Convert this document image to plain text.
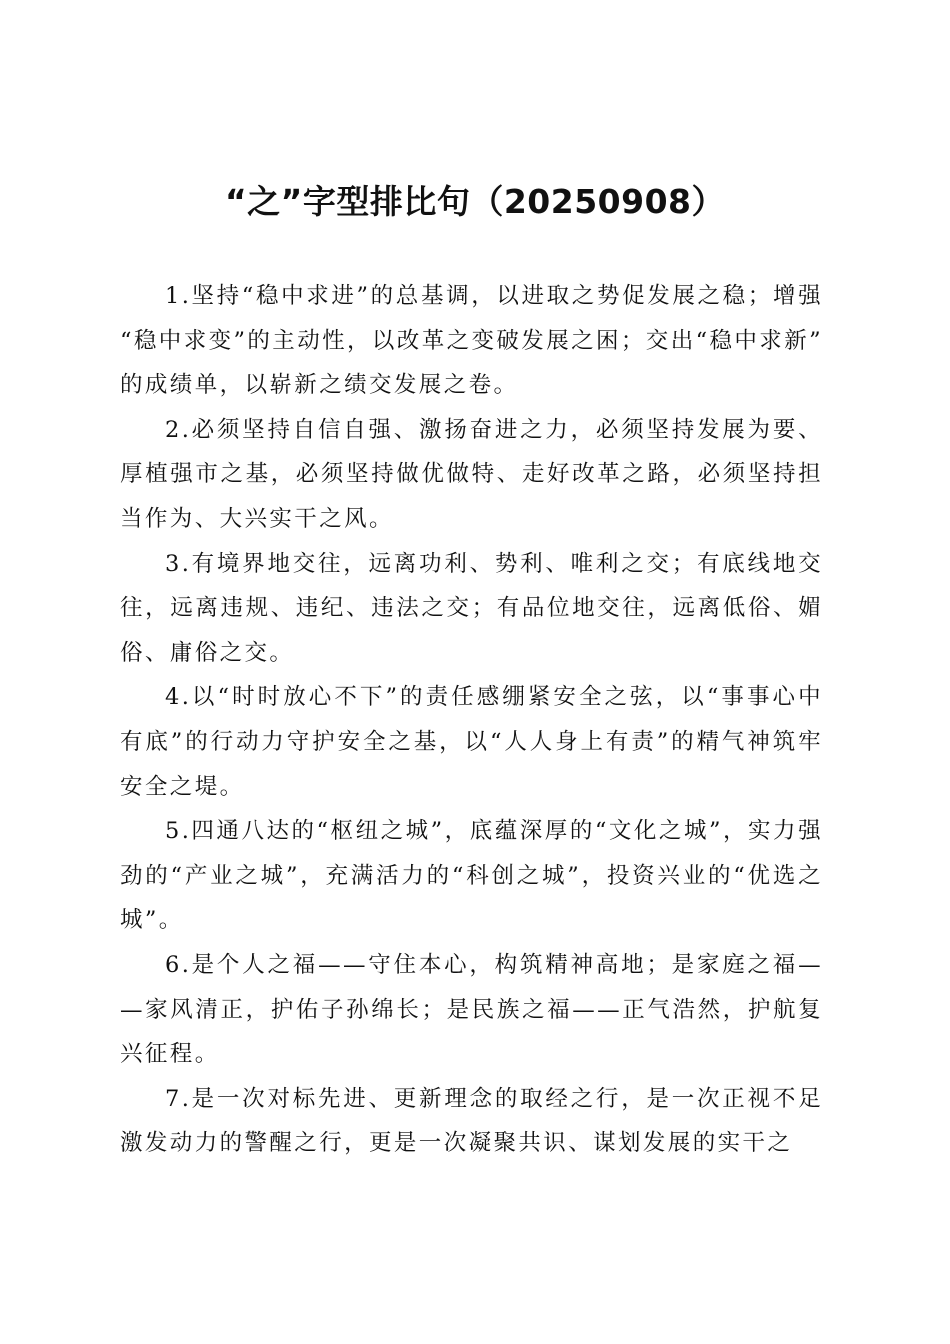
“之”字型排比句（20250908）

1.坚持“稳中求进”的总基调，以进取之势促发展之稳；增强“稳中求变”的主动性，以改革之变破发展之困；交出“稳中求新”的成绩单，以崭新之绩交发展之卷。

2.必须坚持自信自强、激扬奋进之力，必须坚持发展为要、厚植强市之基，必须坚持做优做特、走好改革之路，必须坚持担当作为、大兴实干之风。

3.有境界地交往，远离功利、势利、唯利之交；有底线地交往，远离违规、违纪、违法之交；有品位地交往，远离低俗、媚俗、庸俗之交。

4.以“时时放心不下”的责任感绷紧安全之弦，以“事事心中有底”的行动力守护安全之基，以“人人身上有责”的精气神筑牢安全之堤。

5.四通八达的“枢纽之城”，底蕴深厚的“文化之城”，实力强劲的“产业之城”，充满活力的“科创之城”，投资兴业的“优选之城”。

6.是个人之福——守住本心，构筑精神高地；是家庭之福——家风清正，护佑子孙绵长；是民族之福——正气浩然，护航复兴征程。

7.是一次对标先进、更新理念的取经之行，是一次正视不足激发动力的警醒之行，更是一次凝聚共识、谋划发展的实干之
